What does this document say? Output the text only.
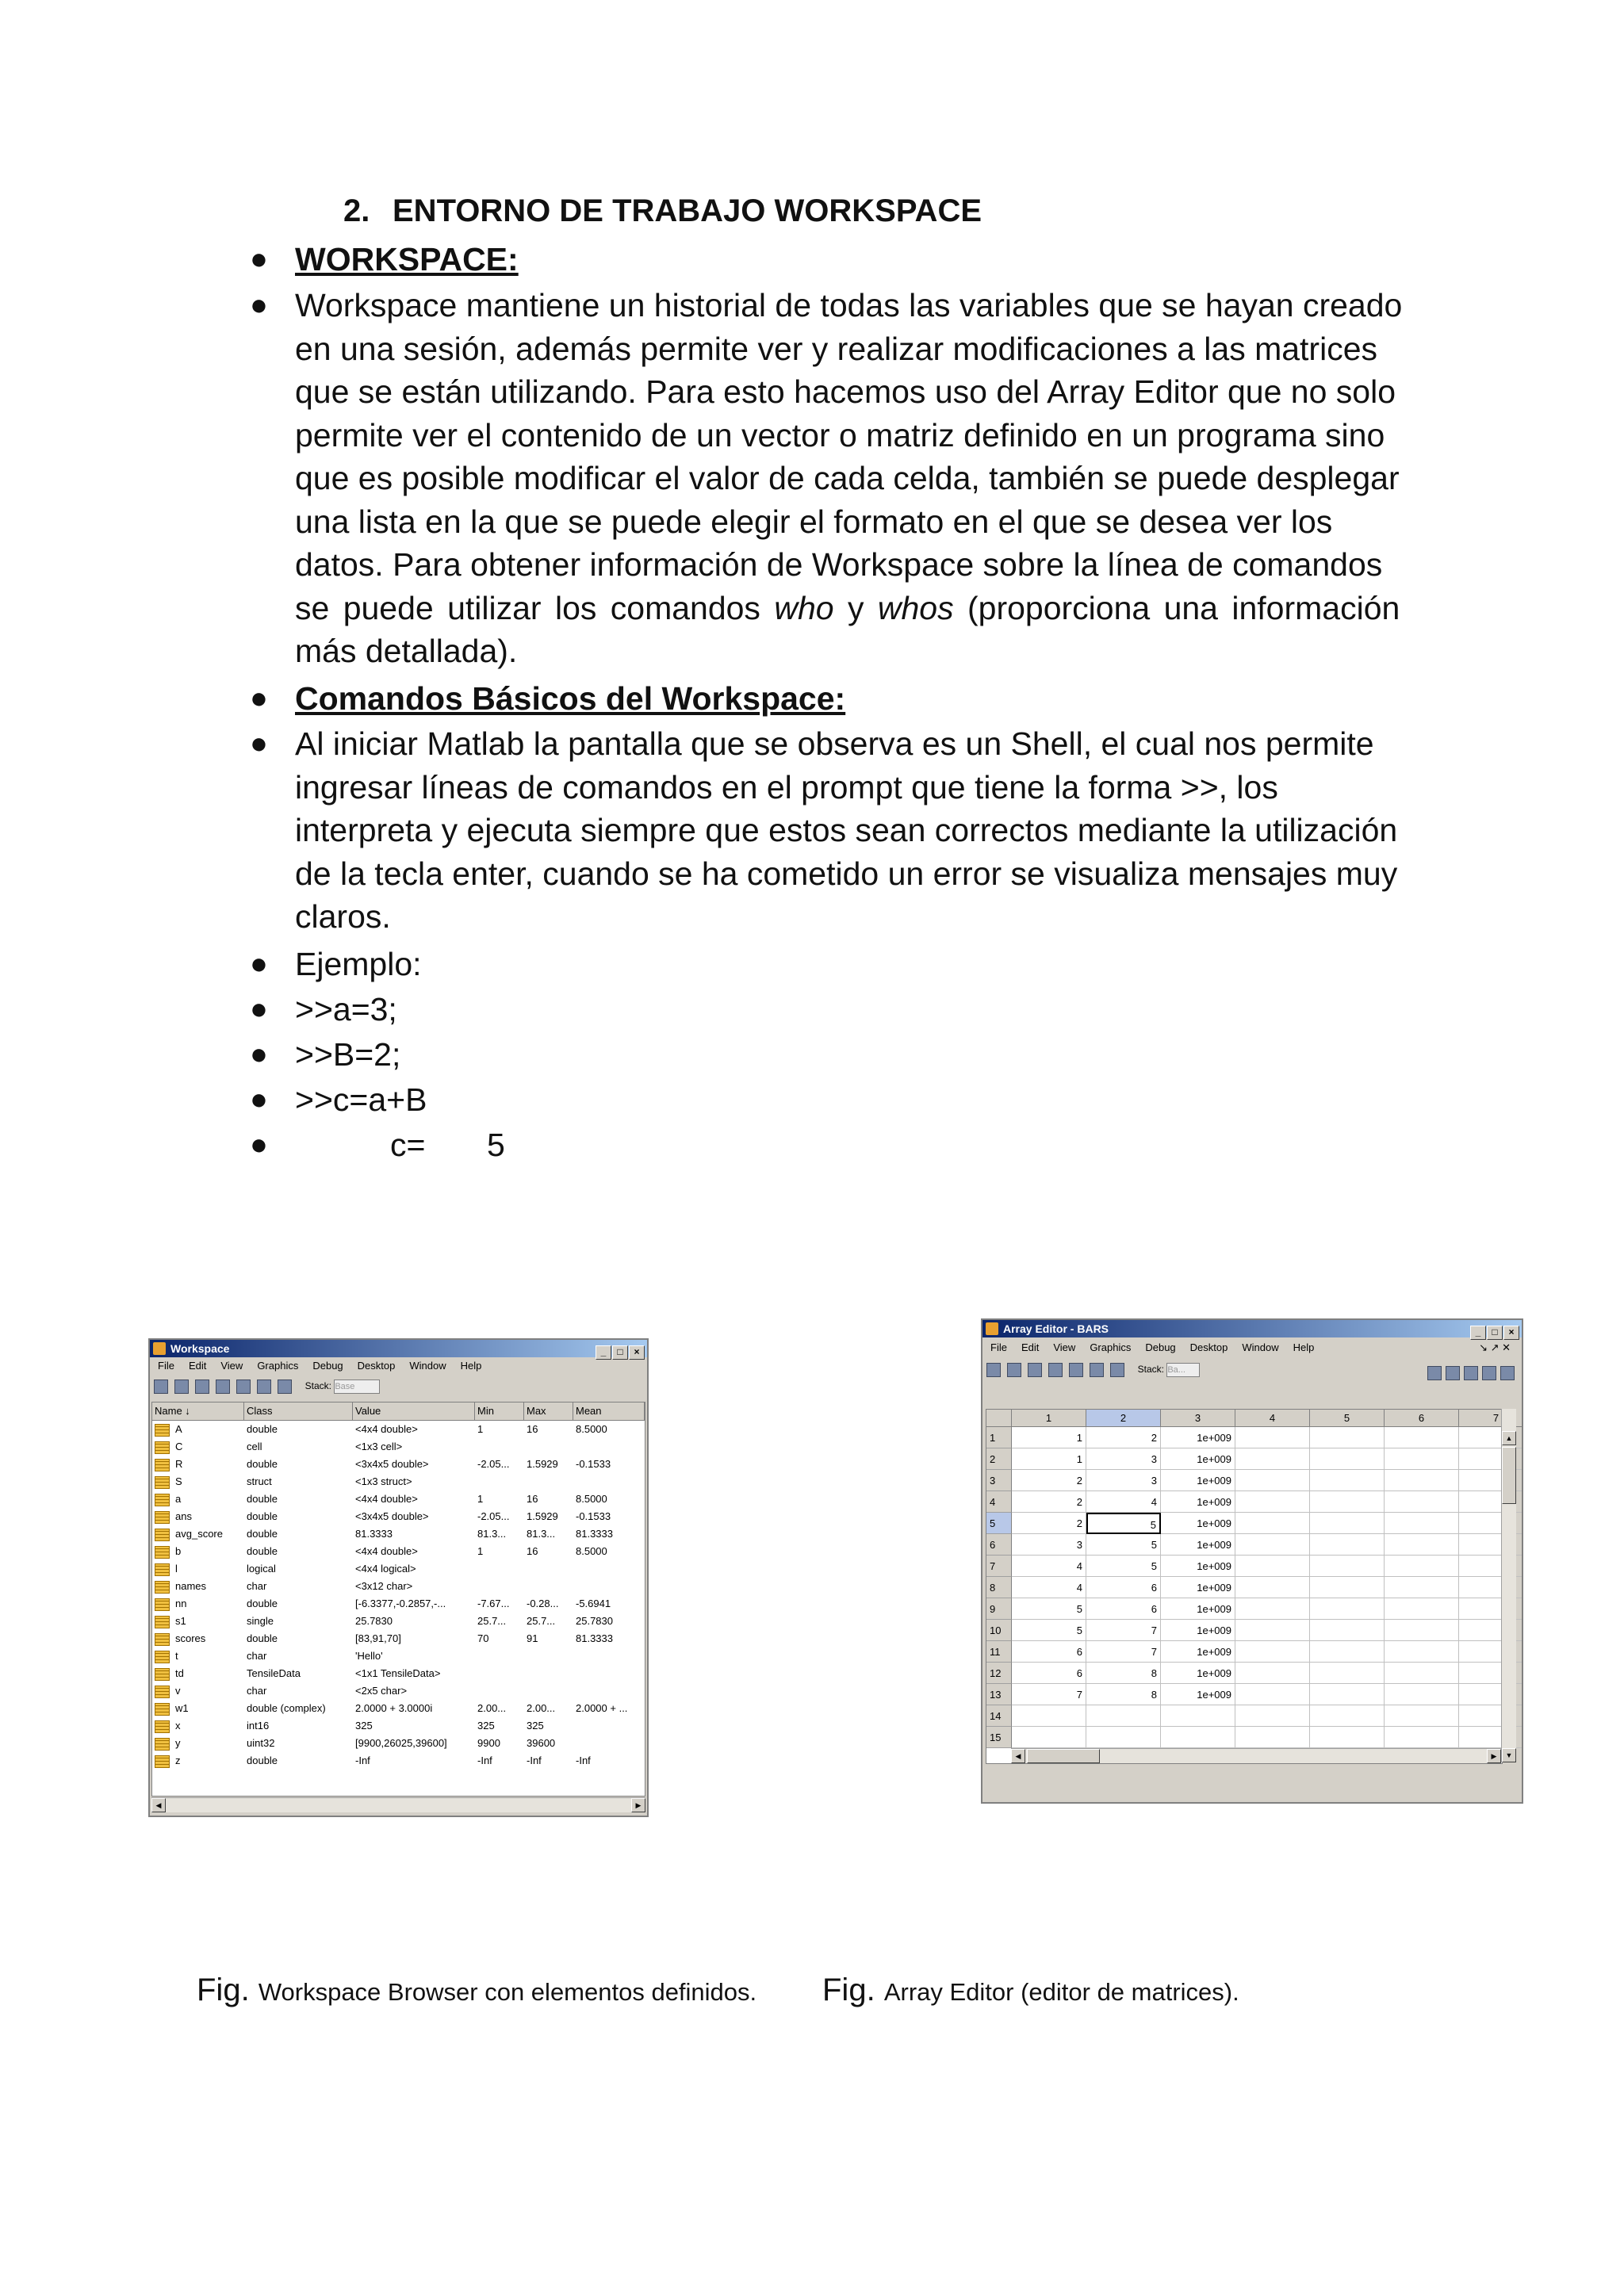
2. ENTORNO DE TRABAJO WORKSPACE
● WORKSPACE:
● Workspace mantiene un historial de todas las variables que se hayan creado
en una sesión, además permite ver y realizar modificaciones a las matrices
que se están utilizando. Para esto hacemos uso del Array Editor que no solo
permite ver el contenido de un vector o matriz definido en un programa sino
que es posible modificar el valor de cada celda, también se puede desplegar
una lista en la que se puede elegir el formato en el que se desea ver los
datos. Para obtener información de Workspace sobre la línea de comandos
se puede utilizar los comandos who y whos (proporciona una información
más detallada).
● Comandos Básicos del Workspace:
● Al iniciar Matlab la pantalla que se observa es un Shell, el cual nos permite
ingresar líneas de comandos en el prompt que tiene la forma >>, los
interpreta y ejecuta siempre que estos sean correctos mediante la utilización
de la tecla enter, cuando se ha cometido un error se visualiza mensajes muy
claros.
● Ejemplo:
● >>a=3;
● >>B=2;
● >>c=a+B
●	c= 5
Workspace	_ □ ×
File Edit View Graphics Debug Desktop Window Help
Stack: Base
Name ↓	Class	Value	Min	Max	Mean
A	double	<4x4 double>	1	16	8.5000
C	cell	<1x3 cell>
R	double	<3x4x5 double>	-2.05...	1.5929	-0.1533
S	struct	<1x3 struct>
a	double	<4x4 double>	1	16	8.5000
ans	double	<3x4x5 double>	-2.05...	1.5929	-0.1533
avg_score	double	81.3333	81.3...	81.3...	81.3333
b	double	<4x4 double>	1	16	8.5000
l	logical	<4x4 logical>
names	char	<3x12 char>
nn	double	[-6.3377,-0.2857,-...	-7.67...	-0.28...	-5.6941
s1	single	25.7830	25.7...	25.7...	25.7830
scores	double	[83,91,70]	70	91	81.3333
t	char	'Hello'
td	TensileData	<1x1 TensileData>
v	char	<2x5 char>
w1	double (complex)	2.0000 + 3.0000i	2.00...	2.00...	2.0000 + ...
x	int16	325	325	325
y	uint32	[9900,26025,39600]	9900	39600
z	double	-Inf	-Inf	-Inf	-Inf
◀	▶
Array Editor - BARS	_ □ ×
File Edit View Graphics Debug Desktop Window Help	↘ ↗ ✕
Stack: Ba...
1	2	3	4	5	6	7
1	1	2	1e+009
2	1	3	1e+009
3	2	3	1e+009
4	2	4	1e+009
5	2	5	1e+009
6	3	5	1e+009
7	4	5	1e+009
8	4	6	1e+009
9	5	6	1e+009
10	5	7	1e+009
11	6	7	1e+009
12	6	8	1e+009
13	7	8	1e+009
14
15
▲
▼
◀	▶
Fig. Workspace Browser con elementos definidos. Fig. Array Editor (editor de matrices).
